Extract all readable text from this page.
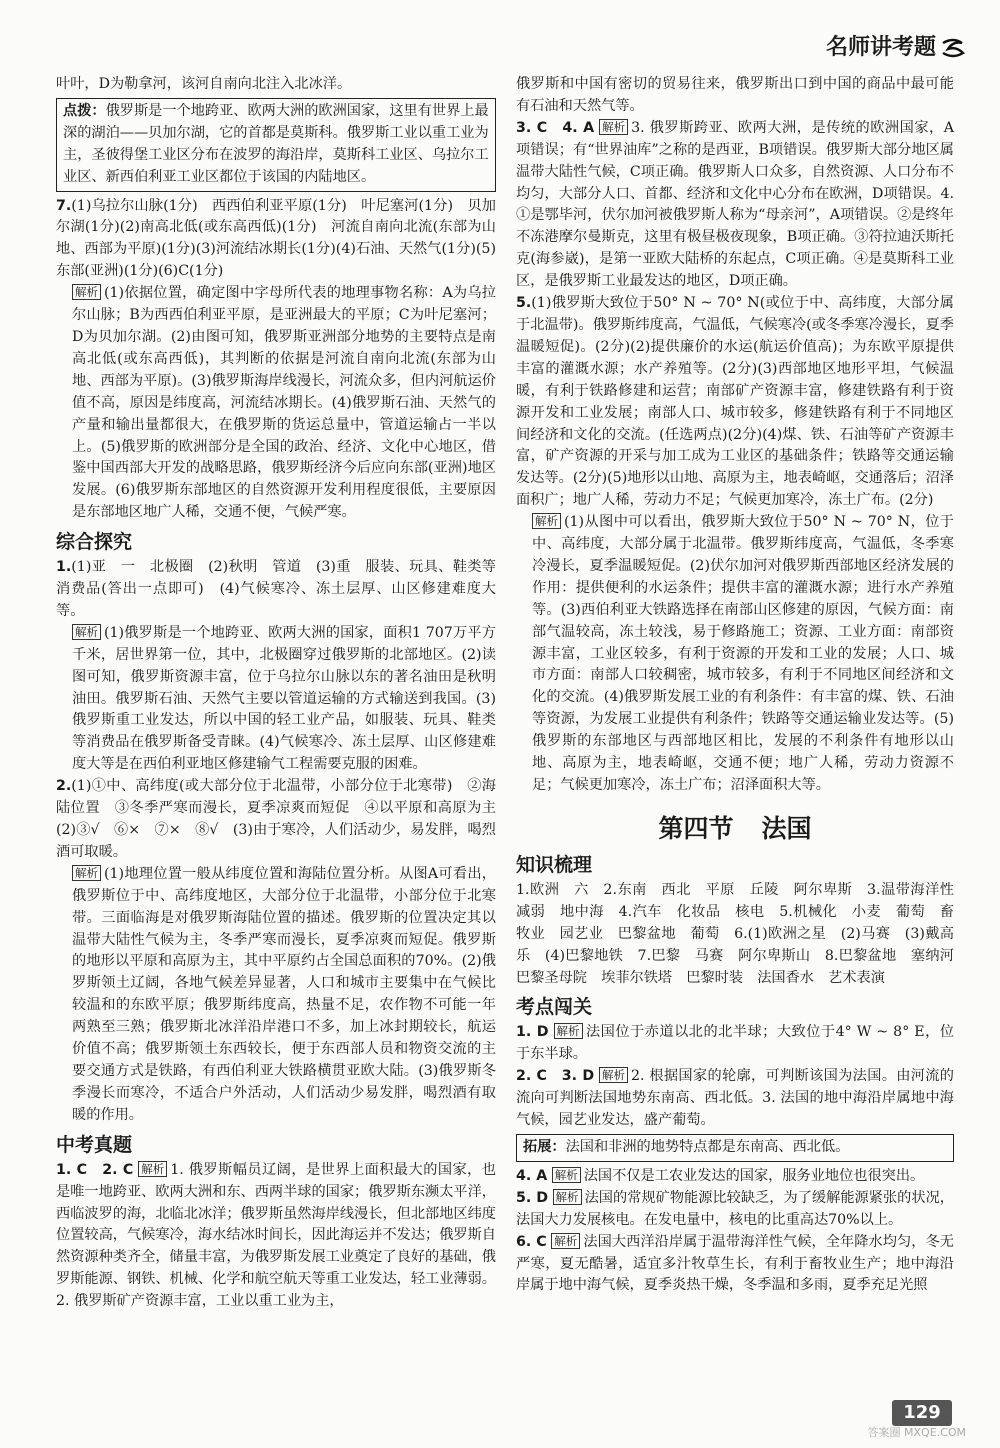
名师讲考题

叶叶，D为勒拿河，该河自南向北注入北冰洋。

点拨：俄罗斯是一个地跨亚、欧两大洲的欧洲国家，这里有世界上最深的湖泊——贝加尔湖，它的首都是莫斯科。俄罗斯工业以重工业为主，圣彼得堡工业区分布在波罗的海沿岸，莫斯科工业区、乌拉尔工业区、新西伯利亚工业区都位于该国的内陆地区。

7.(1)乌拉尔山脉(1分)　西西伯利亚平原(1分)　叶尼塞河(1分)　贝加尔湖(1分)(2)南高北低(或东高西低)(1分)　河流自南向北流(东部为山地、西部为平原)(1分)(3)河流结冰期长(1分)(4)石油、天然气(1分)(5)东部(亚洲)(1分)(6)C(1分)

解析 (1)依据位置，确定图中字母所代表的地理事物名称：A为乌拉尔山脉；B为西西伯利亚平原，是亚洲最大的平原；C为叶尼塞河；D为贝加尔湖。(2)由图可知，俄罗斯亚洲部分地势的主要特点是南高北低(或东高西低)，其判断的依据是河流自南向北流(东部为山地、西部为平原)。(3)俄罗斯海岸线漫长，河流众多，但内河航运价值不高，原因是纬度高，河流结冰期长。(4)俄罗斯石油、天然气的产量和输出量都很大，在俄罗斯的货运总量中，管道运输占一半以上。(5)俄罗斯的欧洲部分是全国的政治、经济、文化中心地区，借鉴中国西部大开发的战略思路，俄罗斯经济今后应向东部(亚洲)地区发展。(6)俄罗斯东部地区的自然资源开发利用程度很低，主要原因是东部地区地广人稀，交通不便，气候严寒。

综合探究

1.(1)亚　一　北极圈　(2)秋明　管道　(3)重　服装、玩具、鞋类等消费品(答出一点即可)　(4)气候寒冷、冻土层厚、山区修建难度大等。

解析 (1)俄罗斯是一个地跨亚、欧两大洲的国家，面积1 707万平方千米，居世界第一位，其中，北极圈穿过俄罗斯的北部地区。(2)读图可知，俄罗斯资源丰富，位于乌拉尔山脉以东的著名油田是秋明油田。俄罗斯石油、天然气主要以管道运输的方式输送到我国。(3)俄罗斯重工业发达，所以中国的轻工业产品，如服装、玩具、鞋类等消费品在俄罗斯备受青睐。(4)气候寒冷、冻土层厚、山区修建难度大等是在西伯利亚地区修建输气工程需要克服的困难。

2.(1)①中、高纬度(或大部分位于北温带，小部分位于北寒带)　②海陆位置　③冬季严寒而漫长，夏季凉爽而短促　④以平原和高原为主　(2)③√　⑥×　⑦×　⑧√　(3)由于寒冷，人们活动少，易发胖，喝烈酒可取暖。

解析 (1)地理位置一般从纬度位置和海陆位置分析。从图A可看出，俄罗斯位于中、高纬度地区，大部分位于北温带，小部分位于北寒带。三面临海是对俄罗斯海陆位置的描述。俄罗斯的位置决定其以温带大陆性气候为主，冬季严寒而漫长，夏季凉爽而短促。俄罗斯的地形以平原和高原为主，其中平原约占全国总面积的70%。(2)俄罗斯领土辽阔，各地气候差异显著，人口和城市主要集中在气候比较温和的东欧平原；俄罗斯纬度高，热量不足，农作物不可能一年两熟至三熟；俄罗斯北冰洋沿岸港口不多，加上冰封期较长，航运价值不高；俄罗斯领土东西较长，便于东西部人员和物资交流的主要交通方式是铁路，有西伯利亚大铁路横贯亚欧大陆。(3)俄罗斯冬季漫长而寒冷，不适合户外活动，人们活动少易发胖，喝烈酒有取暖的作用。

中考真题

1. C　2. C 解析 1. 俄罗斯幅员辽阔，是世界上面积最大的国家，也是唯一地跨亚、欧两大洲和东、西两半球的国家；俄罗斯东濒太平洋，西临波罗的海，北临北冰洋；俄罗斯虽然海岸线漫长，但北部地区纬度位置较高，气候寒冷，海水结冰时间长，因此海运并不发达；俄罗斯自然资源种类齐全，储量丰富，为俄罗斯发展工业奠定了良好的基础，俄罗斯能源、钢铁、机械、化学和航空航天等重工业发达，轻工业薄弱。2. 俄罗斯矿产资源丰富，工业以重工业为主，

俄罗斯和中国有密切的贸易往来，俄罗斯出口到中国的商品中最可能有石油和天然气等。

3. C　4. A 解析 3. 俄罗斯跨亚、欧两大洲，是传统的欧洲国家，A项错误；有“世界油库”之称的是西亚，B项错误。俄罗斯大部分地区属温带大陆性气候，C项正确。俄罗斯人口众多，自然资源、人口分布不均匀，大部分人口、首都、经济和文化中心分布在欧洲，D项错误。4. ①是鄂毕河，伏尔加河被俄罗斯人称为“母亲河”，A项错误。②是终年不冻港摩尔曼斯克，这里有极昼极夜现象，B项正确。③符拉迪沃斯托克(海参崴)，是第一亚欧大陆桥的东起点，C项正确。④是莫斯科工业区，是俄罗斯工业最发达的地区，D项正确。

5.(1)俄罗斯大致位于50° N ~ 70° N(或位于中、高纬度，大部分属于北温带)。俄罗斯纬度高，气温低，气候寒冷(或冬季寒冷漫长，夏季温暖短促)。(2分)(2)提供廉价的水运(航运价值高)；为东欧平原提供丰富的灌溉水源；水产养殖等。(2分)(3)西部地区地形平坦，气候温暖，有利于铁路修建和运营；南部矿产资源丰富，修建铁路有利于资源开发和工业发展；南部人口、城市较多，修建铁路有利于不同地区间经济和文化的交流。(任选两点)(2分)(4)煤、铁、石油等矿产资源丰富，矿产资源的开采与加工成为工业区的基础条件；铁路等交通运输发达等。(2分)(5)地形以山地、高原为主，地表崎岖，交通落后；沼泽面积广；地广人稀，劳动力不足；气候更加寒冷，冻土广布。(2分)

解析 (1)从图中可以看出，俄罗斯大致位于50° N ~ 70° N，位于中、高纬度，大部分属于北温带。俄罗斯纬度高，气温低，冬季寒冷漫长，夏季温暖短促。(2)伏尔加河对俄罗斯西部地区经济发展的作用：提供便利的水运条件；提供丰富的灌溉水源；进行水产养殖等。(3)西伯利亚大铁路选择在南部山区修建的原因，气候方面：南部气温较高，冻土较浅，易于修路施工；资源、工业方面：南部资源丰富，工业区较多，有利于资源的开发和工业的发展；人口、城市方面：南部人口较稠密，城市较多，有利于不同地区间经济和文化的交流。(4)俄罗斯发展工业的有利条件：有丰富的煤、铁、石油等资源，为发展工业提供有利条件；铁路等交通运输业发达等。(5)俄罗斯的东部地区与西部地区相比，发展的不利条件有地形以山地、高原为主，地表崎岖，交通不便；地广人稀，劳动力资源不足；气候更加寒冷，冻土广布；沼泽面积大等。

第四节 法国
知识梳理

1.欧洲　六　2.东南　西北　平原　丘陵　阿尔卑斯　3.温带海洋性　减弱　地中海　4.汽车　化妆品　核电　5.机械化　小麦　葡萄　畜牧业　园艺业　巴黎盆地　葡萄　6.(1)欧洲之星　(2)马赛　(3)戴高乐　(4)巴黎地铁　7.巴黎　马赛　阿尔卑斯山　8.巴黎盆地　塞纳河　巴黎圣母院　埃菲尔铁塔　巴黎时装　法国香水　艺术表演

考点闯关

1. D 解析 法国位于赤道以北的北半球；大致位于4° W ~ 8° E，位于东半球。

2. C　3. D 解析 2. 根据国家的轮廓，可判断该国为法国。由河流的流向可判断法国地势东南高、西北低。3. 法国的地中海沿岸属地中海气候，园艺业发达，盛产葡萄。

拓展：法国和非洲的地势特点都是东南高、西北低。

4. A 解析 法国不仅是工农业发达的国家，服务业地位也很突出。

5. D 解析 法国的常规矿物能源比较缺乏，为了缓解能源紧张的状况，法国大力发展核电。在发电量中，核电的比重高达70%以上。

6. C 解析 法国大西洋沿岸属于温带海洋性气候，全年降水均匀，冬无严寒，夏无酷暑，适宜多汁牧草生长，有利于畜牧业生产；地中海沿岸属于地中海气候，夏季炎热干燥，冬季温和多雨，夏季充足光照

129
答案圈 MXQE.COM
